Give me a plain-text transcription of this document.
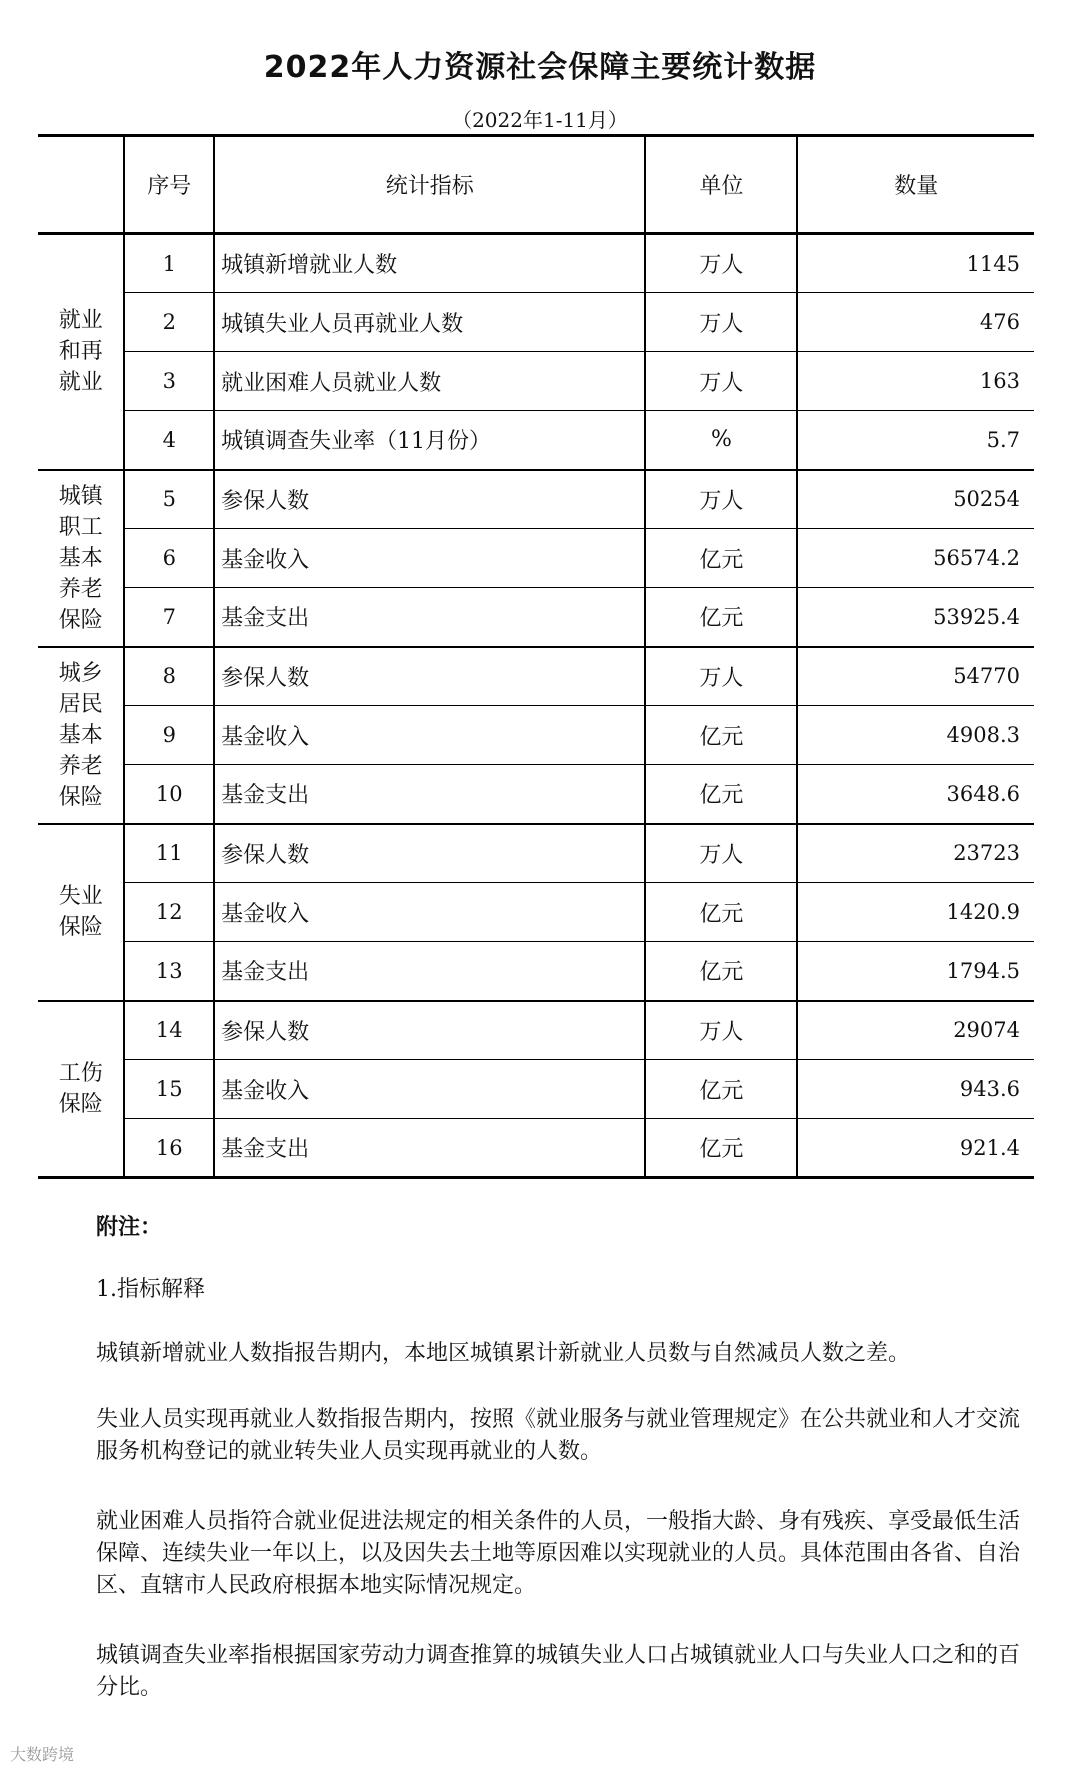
2022年人力资源社会保障主要统计数据
（2022年1-11月）
	序号	统计指标	单位	数量
就业
和再
就业	1	城镇新增就业人数	万人	1145
	2	城镇失业人员再就业人数	万人	476
	3	就业困难人员就业人数	万人	163
	4	城镇调查失业率（11月份）	%	5.7
城镇
职工
基本
养老
保险	5	参保人数	万人	50254
	6	基金收入	亿元	56574.2
	7	基金支出	亿元	53925.4
城乡
居民
基本
养老
保险	8	参保人数	万人	54770
	9	基金收入	亿元	4908.3
	10	基金支出	亿元	3648.6
失业
保险	11	参保人数	万人	23723
	12	基金收入	亿元	1420.9
	13	基金支出	亿元	1794.5
工伤
保险	14	参保人数	万人	29074
	15	基金收入	亿元	943.6
	16	基金支出	亿元	921.4
附注：
1.指标解释
城镇新增就业人数指报告期内，本地区城镇累计新就业人员数与自然减员人数之差。
失业人员实现再就业人数指报告期内，按照《就业服务与就业管理规定》在公共就业和人才交流服务机构登记的就业转失业人员实现再就业的人数。
就业困难人员指符合就业促进法规定的相关条件的人员，一般指大龄、身有残疾、享受最低生活保障、连续失业一年以上，以及因失去土地等原因难以实现就业的人员。具体范围由各省、自治区、直辖市人民政府根据本地实际情况规定。
城镇调查失业率指根据国家劳动力调查推算的城镇失业人口占城镇就业人口与失业人口之和的百分比。
大数跨境
